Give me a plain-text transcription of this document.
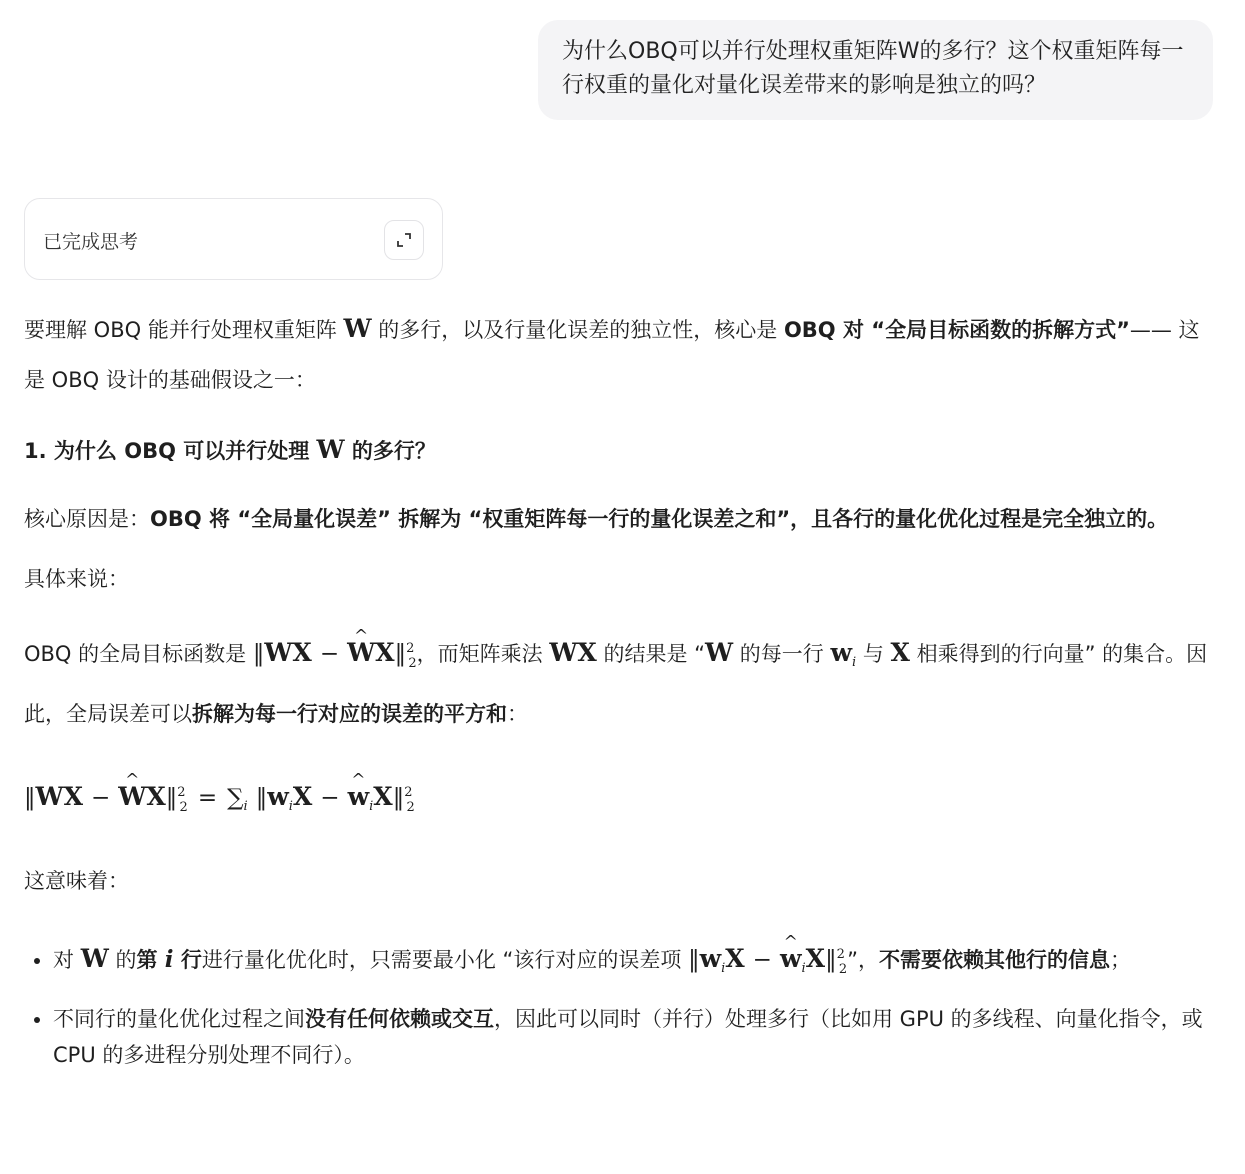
为什么OBQ可以并行处理权重矩阵W的多行？这个权重矩阵每一行权重的量化对量化误差带来的影响是独立的吗？
已完成思考

要理解 OBQ 能并行处理权重矩阵 W 的多行，以及行量化误差的独立性，核心是 OBQ 对 “全局目标函数的拆解方式”—— 这是 OBQ 设计的基础假设之一：

1. 为什么 OBQ 可以并行处理 W 的多行？

核心原因是：OBQ 将 “全局量化误差” 拆解为 “权重矩阵每一行的量化误差之和”，且各行的量化优化过程是完全独立的。

具体来说：

OBQ 的全局目标函数是 ‖WX − ^ WX‖$^2_2$，而矩阵乘法 WX 的结果是 “W 的每一行 $w_i$ 与 X 相乘得到的行向量” 的集合。因此，全局误差可以拆解为每一行对应的误差的平方和：

‖WX − ^ WX‖$^2_2$ = $\sum_i$ $‖w_iX$ − ^ $w_iX‖^2_2$

这意味着：

• 对 W 的第 i 行进行量化优化时，只需要最小化 “该行对应的误差项 $‖w_iX$ − ^ $w_iX‖^2_2$”，不需要依赖其他行的信息；
• 不同行的量化优化过程之间没有任何依赖或交互，因此可以同时（并行）处理多行（比如用 GPU 的多线程、向量化指令，或 CPU 的多进程分别处理不同行）。
